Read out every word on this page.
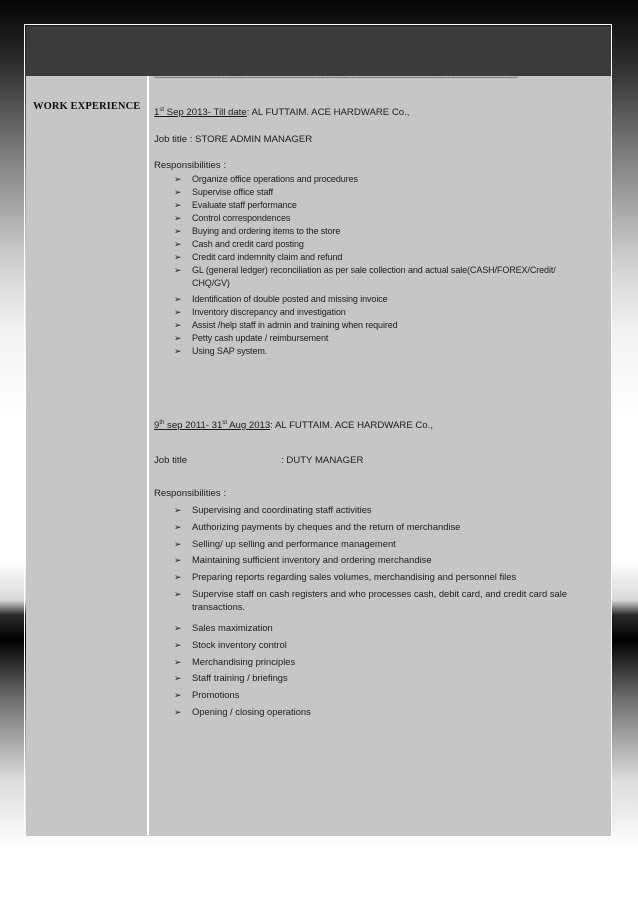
--------------------------------------------------------------------------------------------------------------------------------------------
WORK EXPERIENCE
1st Sep 2013- Till date: AL FUTTAIM. ACE HARDWARE Co.,
Job title : STORE ADMIN MANAGER
Responsibilities :
➢ Organize office operations and procedures
➢ Supervise office staff
➢ Evaluate staff performance
➢ Control correspondences
➢ Buying and ordering items to the store
➢ Cash and credit card posting
➢ Credit card indemnity claim and refund
➢ GL (general ledger) reconciliation as per sale collection and actual sale(CASH/FOREX/Credit/
CHQ/GV)
➢ Identification of double posted and missing invoice
➢ Inventory discrepancy and investigation
➢ Assist /help staff in admin and training when required
➢ Petty cash update / reimbursement
➢ Using SAP system.
9th sep 2011- 31st Aug 2013: AL FUTTAIM. ACE HARDWARE Co.,
Job title	: DUTY MANAGER
Responsibilities :
➢ Supervising and coordinating staff activities
➢ Authorizing payments by cheques and the return of merchandise
➢ Selling/ up selling and performance management
➢ Maintaining sufficient inventory and ordering merchandise
➢ Preparing reports regarding sales volumes, merchandising and personnel files
➢ Supervise staff on cash registers and who processes cash, debit card, and credit card sale
transactions.
➢ Sales maximization
➢ Stock inventory control
➢ Merchandising principles
➢ Staff training / briefings
➢ Promotions
➢ Opening / closing operations
